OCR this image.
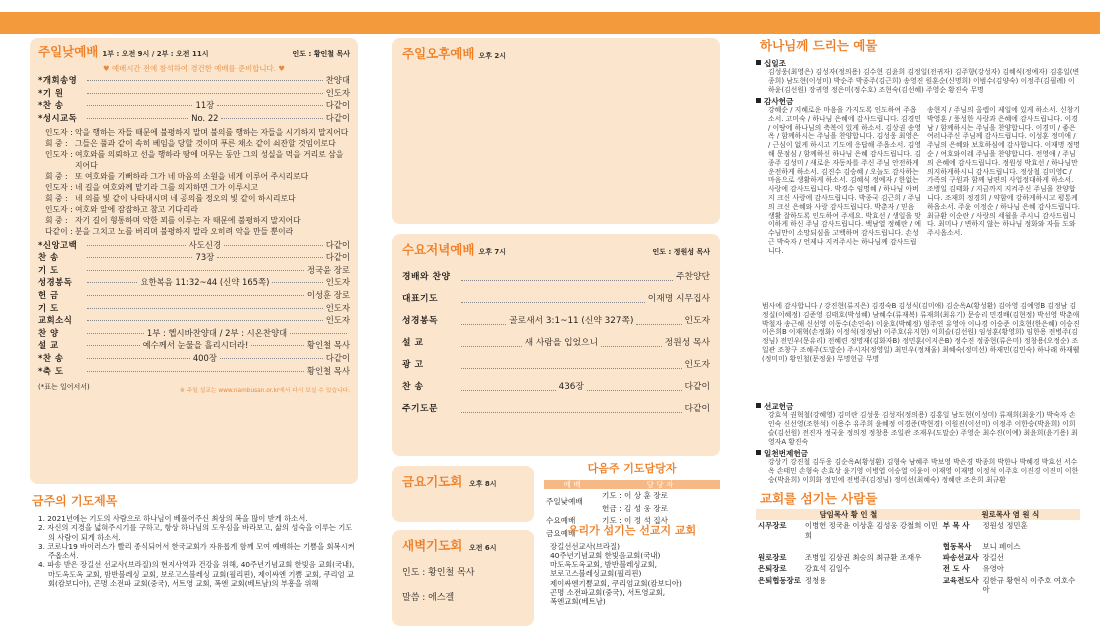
주일낮예배 1부 : 오전 9시 / 2부 : 오전 11시	인도 : 황인철 목사
♥ 예배시간 전에 참석하여 경건한 예배를 준비합니다. ♥
*개회송영	찬양대
*기 원	인도자
*찬 송	11장	다같이
*성시교독	No. 22	다같이
인도자 : 악을 행하는 자들 때문에 불평하지 말며 불의를 행하는 자들을 시기하지 말지어다
회 중 : 그들은 풀과 같이 속히 베임을 당할 것이며 푸른 채소 같이 쇠잔할 것임이로다
인도자 : 여호와를 의뢰하고 선을 행하라 땅에 머무는 동안 그의 성실을 먹을 거리로 삼을지어다
회 중 : 또 여호와를 기뻐하라 그가 네 마음의 소원을 네게 이루어 주시리로다
인도자 : 네 길을 여호와께 맡기라 그를 의지하면 그가 이루시고
회 중 : 네 의를 빛 같이 나타내시며 네 공의를 정오의 빛 같이 하시리로다
인도자 : 여호와 앞에 잠잠하고 참고 기다리라
회 중 : 자기 길이 형통하며 악한 꾀를 이루는 자 때문에 불평하지 말지어다
다같이 : 분을 그치고 노를 버리며 불평하지 말라 오히려 악을 만들 뿐이라
*신앙고백	사도신경	다같이
찬 송	73장	다같이
기 도	정국윤 장로
성경봉독	요한복음 11:32~44 (신약 165쪽)	인도자
헌 금	이성훈 장로
기 도	인도자
교회소식	인도자
찬 양	1부 : 헵시바찬양대 / 2부 : 시온찬양대
설 교	예수께서 눈물을 흘리시더라!	황인철 목사
*찬 송	400장	다같이
*축 도	황인철 목사
(*표는 일어서서)	※ 주일 설교는 www.nambusan.or.kr에서 다시 보실 수 있습니다.
금주의 기도제목
1. 2021년에는 기도의 사람으로 하나님이 베풀어주신 최상의 복을 많이 받게 하소서.
2. 자신의 지경을 넓혀주시기를 구하고, 항상 하나님의 도우심을 바라보고, 삶의 성숙을 이루는 기도의 사람이 되게 하소서.
3. 코로나19 바이러스가 빨리 종식되어서 한국교회가 자유롭게 함께 모여 예배하는 기쁨을 회복시켜 주옵소서.
4. 파송 받은 장길선 선교사(브라질)의 현지사역과 건강을 위해, 40주년기념교회 한빛음 교회(국내), 마도옥도옥 교회, 밤반블레싱 교회, 보로고스블레싱 교회(필리핀), 제이싸엔 기쁨 교회, 쿠리엄 교회(캄보디아), 곤명 소전파 교회(중국), 서트영 교회, 폭엔 교회(베트남)의 부흥을 위해
주일오후예배 오후 2시
수요저녁예배 오후 7시	인도 : 정원성 목사
경배와 찬양	주찬양단
대표기도	이재명 시무집사
성경봉독	골로새서 3:1~11 (신약 327쪽)	인도자
설 교	새 사람을 입었으니	정원성 목사
광 고	인도자
찬 송	436장	다같이
주기도문	다같이
금요기도회 오후 8시
새벽기도회 오전 6시
인도 : 황인철 목사
말씀 : 에스겔
다음주 기도담당자
예 배	담 당 자
주일낮예배	기도 : 이 상 훈 장로
헌금 : 김 성 웅 장로

수요예배	기도 : 이 정 석 집사
금요예배	
우리가 섬기는 선교지 교회
장길선선교사(브라질)
40주년기념교회 한빛음교회(국내)
마도옥도옥교회, 밤반블레싱교회,
보로고스블레싱교회(필리핀)
제이싸엔기쁨교회, 쿠리엄교회(캄보디아)
곤명 소전파교회(중국), 서트영교회,
폭엔교회(베트남)
하나님께 드리는 예물
십일조
김성웅(최영은) 김성자(정의용) 김수현 김윤희 김정일(전귀자) 김주향(강성자) 김혜식(정예자) 김홍일(변종희) 남도현(이성미) 박순주 박종주(김근희) 송영진 원훈순(신명희) 이범수(김양숙) 이정주(김필례) 이하윤(김선원) 장귀영 정은미(정수호) 조현숙(김선혜) 주영순 황진숙 무명
감사헌금
강혜순 / 지혜로운 마음을 가지도록 인도하여 주옵소서. 고미숙 / 하나님 은혜에 감사드립니다. 김경민 / 이땅에 하나님의 축복이 있게 하소서. 김상권 송영옥 / 함께하시는 주님을 찬양합니다. 김성웅 최영은 / 근심이 없게 하시고 기도에 응답해 주옵소서. 김영해 문점심 / 함께하신 하나님 은혜 감사드립니다. 김종주 김성미 / 새로운 자동차를 주신 주님 안전하게 운전하게 하소서. 김진수 김승혜 / 오늘도 감사하는 마음으로 생활하게 하소서. 김혜식 정예자 / 한없는 사랑에 감사드립니다. 박경수 임명혜 / 하나님 아버지 크신 사랑에 감사드립니다. 박종국 김근희 / 주님의 크신 은혜와 사랑 감사드립니다. 박춘자 / 믿음 생활 잘하도록 인도하여 주세요. 박효선 / 생일을 맞이하게 하신 주님 감사드립니다. 백남열 정혜란 / 예수님만이 소망되심을 고백하며 감사드립니다. 손성근 박숙자 / 언제나 지켜주시는 하나님께 감사드립니다.
송현지 / 주님의 올렙이 제일에 있게 하소서. 신창기 박영훈 / 풍성한 사랑과 은혜에 감사드립니다. 이경남 / 함께하시는 주님을 찬양합니다. 이경미 / 좋은 여러나주신 주님께 감사드립니다. 이성훈 정미애 / 주님의 은혜와 보호하심에 감사합니다. 이재명 정명순 / 여호와이레 주님을 찬양합니다. 전영애 / 주님의 은혜에 감사드립니다. 정원성 박효선 / 하나님만 의지하게하시니 감사드립니다. 정상철 김미영C / 가족의 구원과 함께 남편의 사업정대하게 하소서. 조병일 김태화 / 지금까지 지켜주신 주님을 찬양합니다. 조재희 정경희 / 약함에 강하게하시고 평통케하옵소서. 주윤 이정순 / 하나님 은혜 감사드립니다. 최규환 이순란 / 사랑의 세월을 주시니 감사드립니다. 최미나 / 변하지 않는 하나님 정화와 자들 도와주시옵소서.
범사에 감사합니다 / 강진현(류지은) 김경숙B 김성식(김미애) 김순옥A(황성환) 김아영 김예영B 김정남 김정실(이혜정) 김준영 김태호(박성혜) 남혜수(류재복) 류재희(최유기) 문승리 민경배(김현정) 박선영 박춘애 박철자 송근해 신선영 이동수(손인숙) 이윤호(박혜정) 엄주연 유영아 이나경 이승준 이호현(한은혜) 이승진 이은희B 이재혁(손정화) 이정석(정정남) 이주호(유지현) 이희슬(김선원) 임성훈(황영희) 임한용 전병주(김정님) 전민우(문유리) 전혜련 정명재(김화자B) 정민훈(이지은B) 정수진 정종현(류은미) 정창용(오정순) 조일관 조창구 조해주(도말순) 주시자(정영일) 최민우(정채울) 최혜숙(정미선) 하재민(김민숙) 하나래 하재웰(정미미) 황인철(문정윤) 무명헌금 무명
선교헌금
강효석 권혁철(강혜영) 김미란 김성웅 김성자(정의용) 김홍일 남도현(이성미) 류재희(최윤기) 박숙자 손인숙 신선영(조한석) 이용수 유주희 윤혜정 이경준(박현경) 이원진(이선미) 이정주 이한승(박윤희) 이희슬(김선원) 전진자 정국윤 정의정 정창용 조일관 조재우(도말순) 주영순 최수진(이예) 최윤희(윤기용) 최영자A 황진숙
일천번제헌금
강상기 강진철 김두웅 김순옥A(황성환) 김형숙 남혜주 박보영 박은경 박종희 박한나 박혜경 박효선 서수옥 손태민 손형숙 손효상 윤기영 이병엽 이승열 이윤이 이재영 이재명 이정석 이주호 이진경 이진미 이한승(박윤희) 이희화 정민에 전병주(김정님) 정미선(최혜숙) 정혜란 조은희 최규환
교회를 섬기는 사람들
담임목사 황 인 철		원로목사 염 원 식	
시무장로	이병헌 정국윤 이상훈 김성웅 강철희 이민희	부 목 사	정원성 정민훈
		협동목사	보니 페이스
원로장로	조병일 김상권 최승의 최규환 조재우	파송선교사	장길선
은퇴장로	강효석 김일수	전 도 사	유영아
은퇴협동장로	정청용	교육전도사	김한규 황현식 이주호 여호수아
